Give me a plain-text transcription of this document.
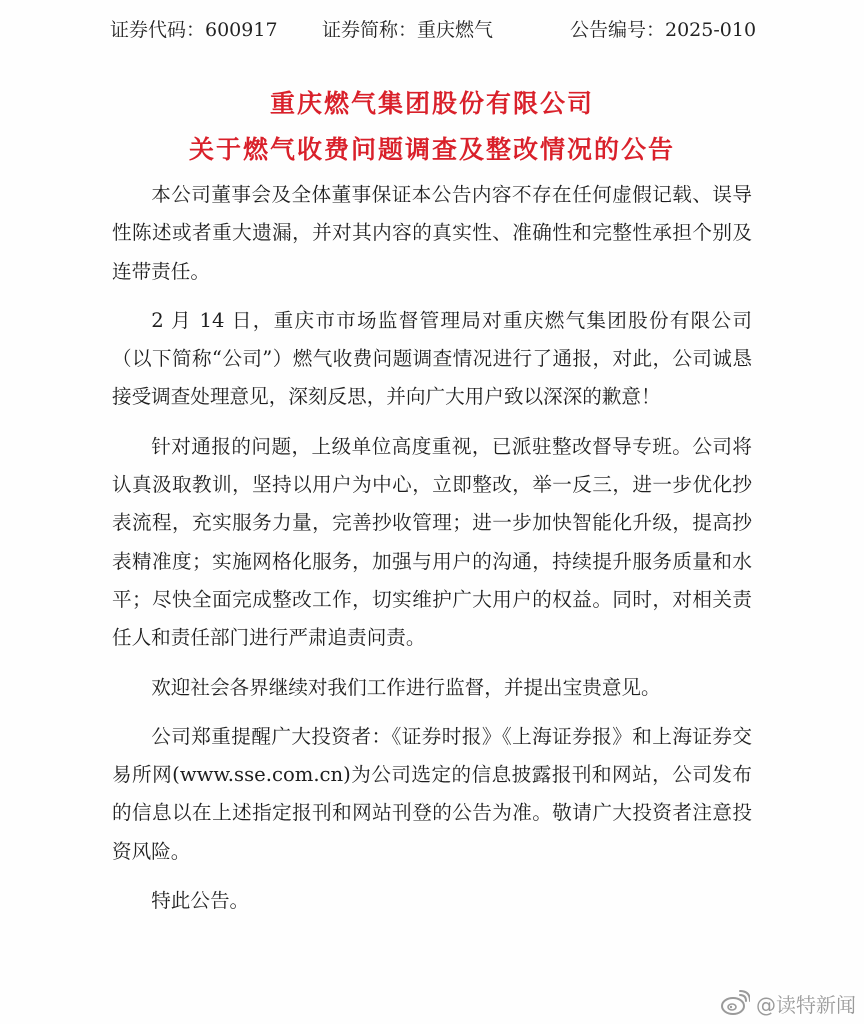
证券代码：600917 证券简称：重庆燃气	公告编号：2025-010
重庆燃气集团股份有限公司
关于燃气收费问题调查及整改情况的公告

本公司董事会及全体董事保证本公告内容不存在任何虚假记载、误导性陈述或者重大遗漏，并对其内容的真实性、准确性和完整性承担个别及连带责任。

2 月 14 日，重庆市市场监督管理局对重庆燃气集团股份有限公司（以下简称“公司”）燃气收费问题调查情况进行了通报，对此，公司诚恳接受调查处理意见，深刻反思，并向广大用户致以深深的歉意！

针对通报的问题，上级单位高度重视，已派驻整改督导专班。公司将认真汲取教训，坚持以用户为中心，立即整改，举一反三，进一步优化抄表流程，充实服务力量，完善抄收管理；进一步加快智能化升级，提高抄表精准度；实施网格化服务，加强与用户的沟通，持续提升服务质量和水平；尽快全面完成整改工作，切实维护广大用户的权益。同时，对相关责任人和责任部门进行严肃追责问责。

欢迎社会各界继续对我们工作进行监督，并提出宝贵意见。

公司郑重提醒广大投资者：《证券时报》《上海证券报》和上海证券交易所网(www.sse.com.cn)为公司选定的信息披露报刊和网站，公司发布的信息以在上述指定报刊和网站刊登的公告为准。敬请广大投资者注意投资风险。

特此公告。

@读特新闻
